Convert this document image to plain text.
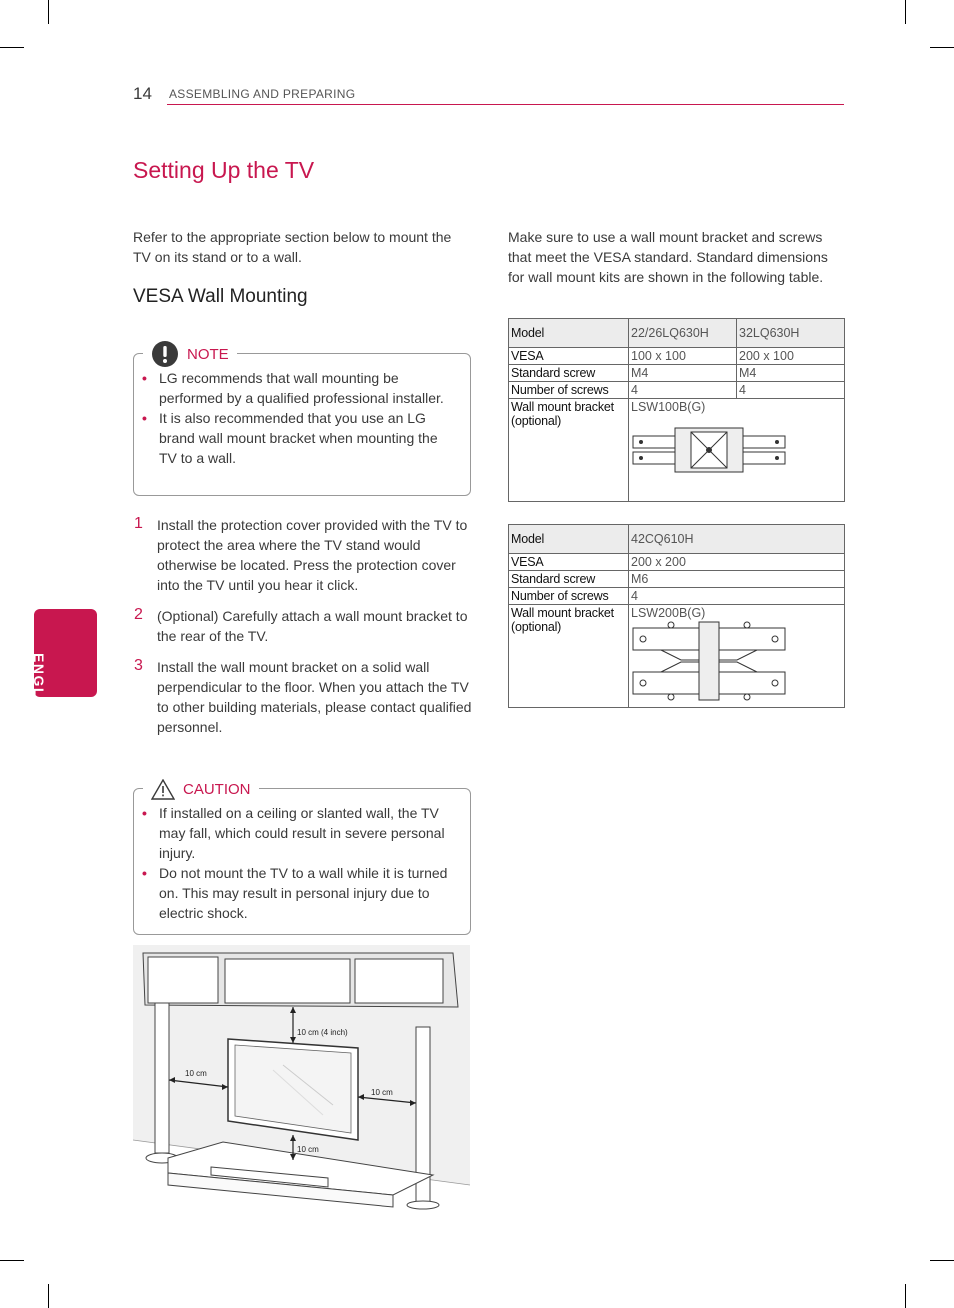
14 ASSEMBLING AND PREPARING
Setting Up the TV
Refer to the appropriate section below to mount the TV on its stand or to a wall.
VESA Wall Mounting
NOTE
• LG recommends that wall mounting be performed by a qualified professional installer.
• It is also recommended that you use an LG brand wall mount bracket when mounting the TV to a wall.
1 Install the protection cover provided with the TV to protect the area where the TV stand would otherwise be located. Press the protection cover into the TV until you hear it click.
2 (Optional) Carefully attach a wall mount bracket to the rear of the TV.
3 Install the wall mount bracket on a solid wall perpendicular to the floor. When you attach the TV to other building materials, please contact qualified personnel.
CAUTION
• If installed on a ceiling or slanted wall, the TV may fall, which could result in severe personal injury.
• Do not mount the TV to a wall while it is turned on. This may result in personal injury due to electric shock.
ENGLISH
10 cm (4 inch)
10 cm
10 cm
10 cm
Make sure to use a wall mount bracket and screws that meet the VESA standard. Standard dimensions for wall mount kits are shown in the following table.
Model	22/26LQ630H	32LQ630H
VESA	100 x 100	200 x 100
Standard screw	M4	M4
Number of screws	4	4
Wall mount bracket (optional)	LSW100B(G)	
Model	42CQ610H
VESA	200 x 200
Standard screw	M6
Number of screws	4
Wall mount bracket (optional)	LSW200B(G)
